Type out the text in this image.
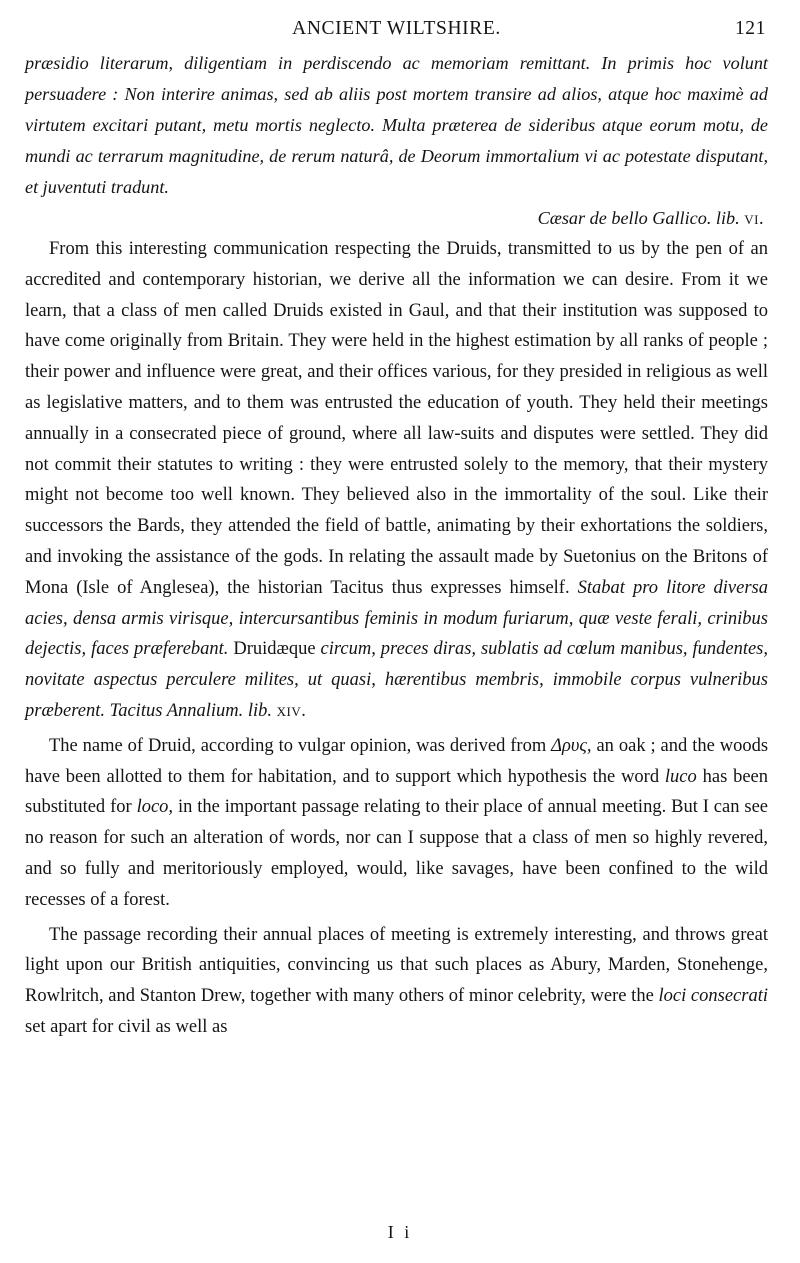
ANCIENT WILTSHIRE.	121
præsidio literarum, diligentiam in perdiscendo ac memoriam remittant. In primis hoc volunt persuadere : Non interire animas, sed ab aliis post mortem transire ad alios, atque hoc maximè ad virtutem excitari putant, metu mortis neglecto. Multa præterea de sideribus atque eorum motu, de mundi ac terrarum magnitudine, de rerum naturâ, de Deorum immortalium vi ac potestate disputant, et juventuti tradunt.
Cæsar de bello Gallico. lib. vi.

From this interesting communication respecting the Druids, transmitted to us by the pen of an accredited and contemporary historian, we derive all the information we can desire. From it we learn, that a class of men called Druids existed in Gaul, and that their institution was supposed to have come originally from Britain. They were held in the highest estimation by all ranks of people ; their power and influence were great, and their offices various, for they presided in religious as well as legislative matters, and to them was entrusted the education of youth. They held their meetings annually in a consecrated piece of ground, where all law-suits and disputes were settled. They did not commit their statutes to writing : they were entrusted solely to the memory, that their mystery might not become too well known. They believed also in the immortality of the soul. Like their successors the Bards, they attended the field of battle, animating by their exhortations the soldiers, and invoking the assistance of the gods. In relating the assault made by Suetonius on the Britons of Mona (Isle of Anglesea), the historian Tacitus thus expresses himself. Stabat pro litore diversa acies, densa armis virisque, intercursantibus feminis in modum furiarum, quæ veste ferali, crinibus dejectis, faces præferebant. Druidæque circum, preces diras, sublatis ad cœlum manibus, fundentes, novitate aspectus perculere milites, ut quasi, hærentibus membris, immobile corpus vulneribus præberent. Tacitus Annalium. lib. xiv.

The name of Druid, according to vulgar opinion, was derived from Δρυς, an oak ; and the woods have been allotted to them for habitation, and to support which hypothesis the word luco has been substituted for loco, in the important passage relating to their place of annual meeting. But I can see no reason for such an alteration of words, nor can I suppose that a class of men so highly revered, and so fully and meritoriously employed, would, like savages, have been confined to the wild recesses of a forest.

The passage recording their annual places of meeting is extremely interesting, and throws great light upon our British antiquities, convincing us that such places as Abury, Marden, Stonehenge, Rowlritch, and Stanton Drew, together with many others of minor celebrity, were the loci consecrati set apart for civil as well as

I i
